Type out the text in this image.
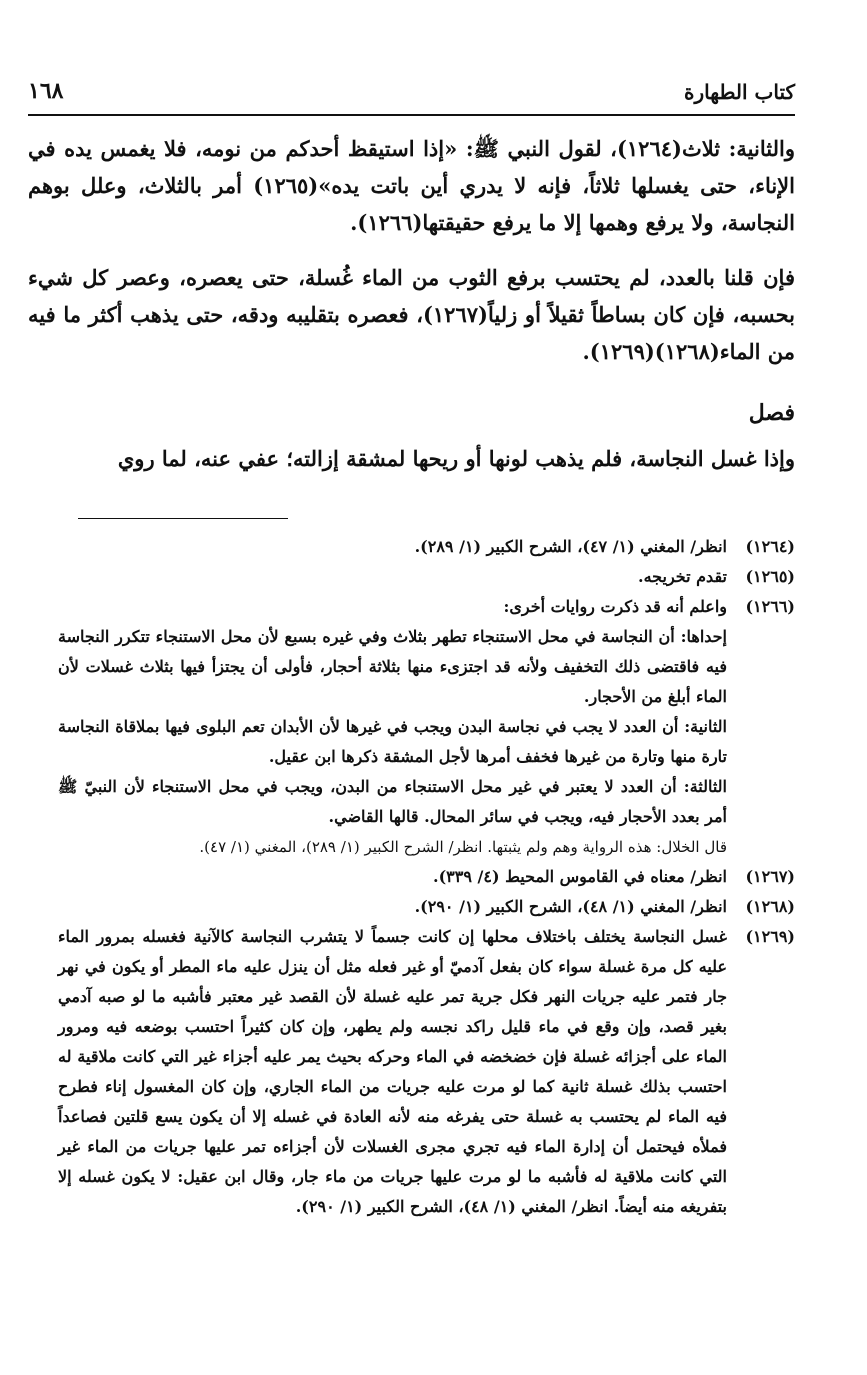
كتاب الطهارة
١٦٨

والثانية: ثلاث(١٢٦٤)، لقول النبي ﷺ: «إذا استيقظ أحدكم من نومه، فلا يغمس يده في الإناء، حتى يغسلها ثلاثاً، فإنه لا يدري أين باتت يده»(١٢٦٥) أمر بالثلاث، وعلل بوهم النجاسة، ولا يرفع وهمها إلا ما يرفع حقيقتها(١٢٦٦).

فإن قلنا بالعدد، لم يحتسب برفع الثوب من الماء غُسلة، حتى يعصره، وعصر كل شيء بحسبه، فإن كان بساطاً ثقيلاً أو زلياً(١٢٦٧)، فعصره بتقليبه ودقه، حتى يذهب أكثر ما فيه من الماء(١٢٦٨)(١٢٦٩).

فصل

وإذا غسل النجاسة، فلم يذهب لونها أو ريحها لمشقة إزالته؛ عفي عنه، لما روي

(١٢٦٤)
انظر/ المغني (١/ ٤٧)، الشرح الكبير (١/ ٢٨٩).
(١٢٦٥)
تقدم تخريجه.
(١٢٦٦)
واعلم أنه قد ذكرت روايات أخرى:
إحداها: أن النجاسة في محل الاستنجاء تطهر بثلاث وفي غيره بسبع لأن محل الاستنجاء تتكرر النجاسة فيه فاقتضى ذلك التخفيف ولأنه قد اجتزىء منها بثلاثة أحجار، فأولى أن يجتزأ فيها بثلاث غسلات لأن الماء أبلغ من الأحجار.
الثانية: أن العدد لا يجب في نجاسة البدن ويجب في غيرها لأن الأبدان تعم البلوى فيها بملاقاة النجاسة تارة منها وتارة من غيرها فخفف أمرها لأجل المشقة ذكرها ابن عقيل.
الثالثة: أن العدد لا يعتبر في غير محل الاستنجاء من البدن، ويجب في محل الاستنجاء لأن النبيّ ﷺ أمر بعدد الأحجار فيه، ويجب في سائر المحال. قالها القاضي.
قال الخلال: هذه الرواية وهم ولم يثبتها. انظر/ الشرح الكبير (١/ ٢٨٩)، المغني (١/ ٤٧).
(١٢٦٧)
انظر/ معناه في القاموس المحيط (٤/ ٣٣٩).
(١٢٦٨)
انظر/ المغني (١/ ٤٨)، الشرح الكبير (١/ ٢٩٠).
(١٢٦٩)
غسل النجاسة يختلف باختلاف محلها إن كانت جسماً لا يتشرب النجاسة كالآنية فغسله بمرور الماء عليه كل مرة غسلة سواء كان بفعل آدميّ أو غير فعله مثل أن ينزل عليه ماء المطر أو يكون في نهر جار فتمر عليه جريات النهر فكل جرية تمر عليه غسلة لأن القصد غير معتبر فأشبه ما لو صبه آدمي بغير قصد، وإن وقع في ماء قليل راكد نجسه ولم يطهر، وإن كان كثيراً احتسب بوضعه فيه ومرور الماء على أجزائه غسلة فإن خضخضه في الماء وحركه بحيث يمر عليه أجزاء غير التي كانت ملاقية له احتسب بذلك غسلة ثانية كما لو مرت عليه جريات من الماء الجاري، وإن كان المغسول إناء فطرح فيه الماء لم يحتسب به غسلة حتى يفرغه منه لأنه العادة في غسله إلا أن يكون يسع قلتين فصاعداً فملأه فيحتمل أن إدارة الماء فيه تجري مجرى الغسلات لأن أجزاءه تمر عليها جريات من الماء غير التي كانت ملاقية له فأشبه ما لو مرت عليها جريات من ماء جار، وقال ابن عقيل: لا يكون غسله إلا بتفريغه منه أيضاً. انظر/ المغني (١/ ٤٨)، الشرح الكبير (١/ ٢٩٠).
